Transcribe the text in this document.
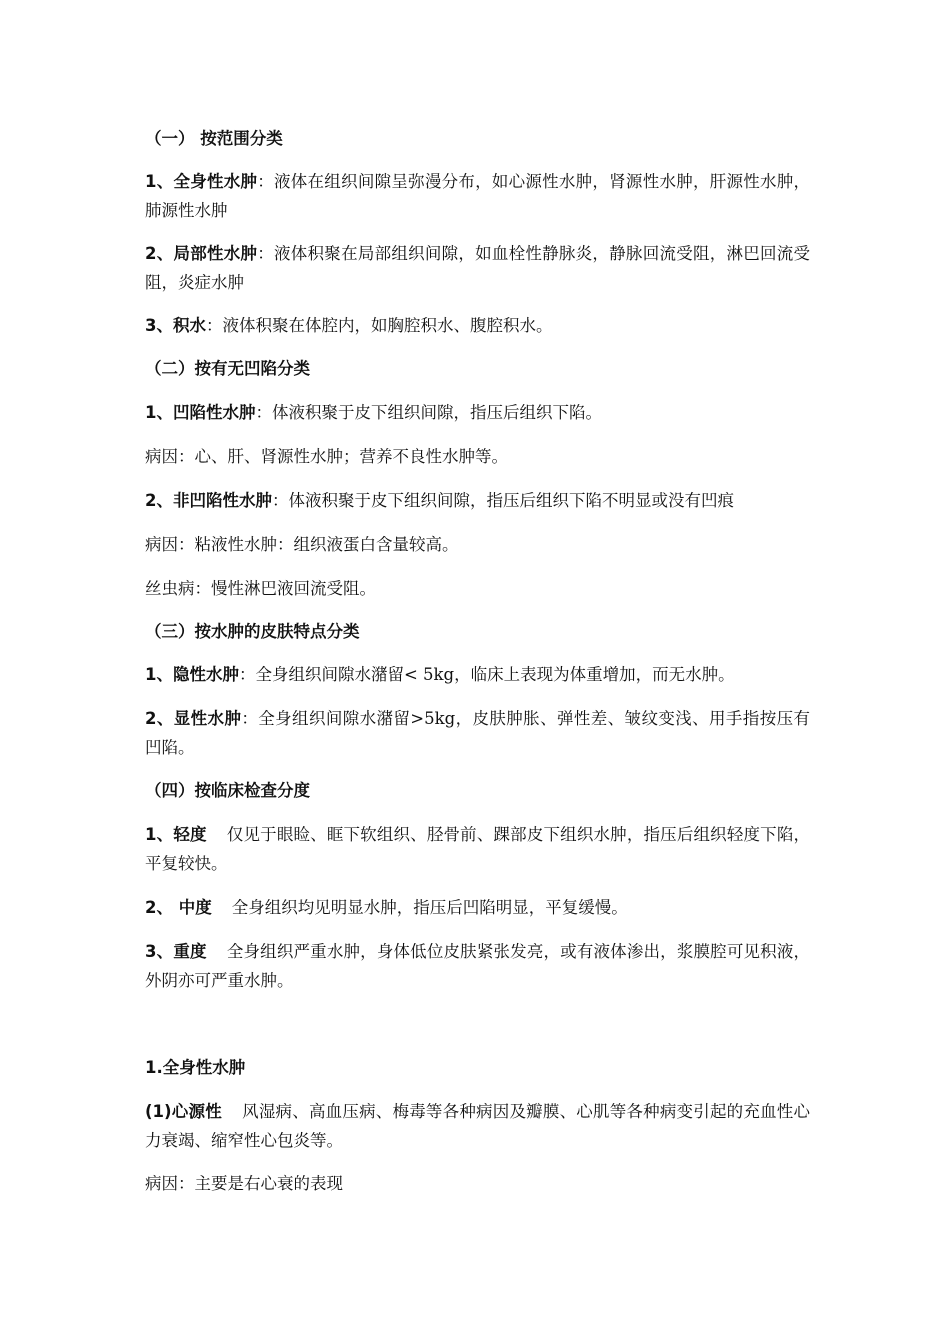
（一） 按范围分类

1、全身性水肿：液体在组织间隙呈弥漫分布，如心源性水肿，肾源性水肿，肝源性水肿，肺源性水肿

2、局部性水肿：液体积聚在局部组织间隙，如血栓性静脉炎，静脉回流受阻，淋巴回流受阻，炎症水肿

3、积水：液体积聚在体腔内，如胸腔积水、腹腔积水。

（二）按有无凹陷分类

1、凹陷性水肿：体液积聚于皮下组织间隙，指压后组织下陷。

病因：心、肝、肾源性水肿；营养不良性水肿等。

2、非凹陷性水肿：体液积聚于皮下组织间隙，指压后组织下陷不明显或没有凹痕

病因：粘液性水肿：组织液蛋白含量较高。

丝虫病：慢性淋巴液回流受阻。

（三）按水肿的皮肤特点分类

1、隐性水肿：全身组织间隙水潴留< 5kg，临床上表现为体重增加，而无水肿。

2、显性水肿：全身组织间隙水潴留>5kg，皮肤肿胀、弹性差、皱纹变浅、用手指按压有凹陷。

（四）按临床检查分度

1、轻度 仅见于眼睑、眶下软组织、胫骨前、踝部皮下组织水肿，指压后组织轻度下陷，平复较快。

2、 中度 全身组织均见明显水肿，指压后凹陷明显，平复缓慢。

3、重度 全身组织严重水肿，身体低位皮肤紧张发亮，或有液体渗出，浆膜腔可见积液，外阴亦可严重水肿。

1.全身性水肿

(1)心源性 风湿病、高血压病、梅毒等各种病因及瓣膜、心肌等各种病变引起的充血性心力衰竭、缩窄性心包炎等。

病因：主要是右心衰的表现
